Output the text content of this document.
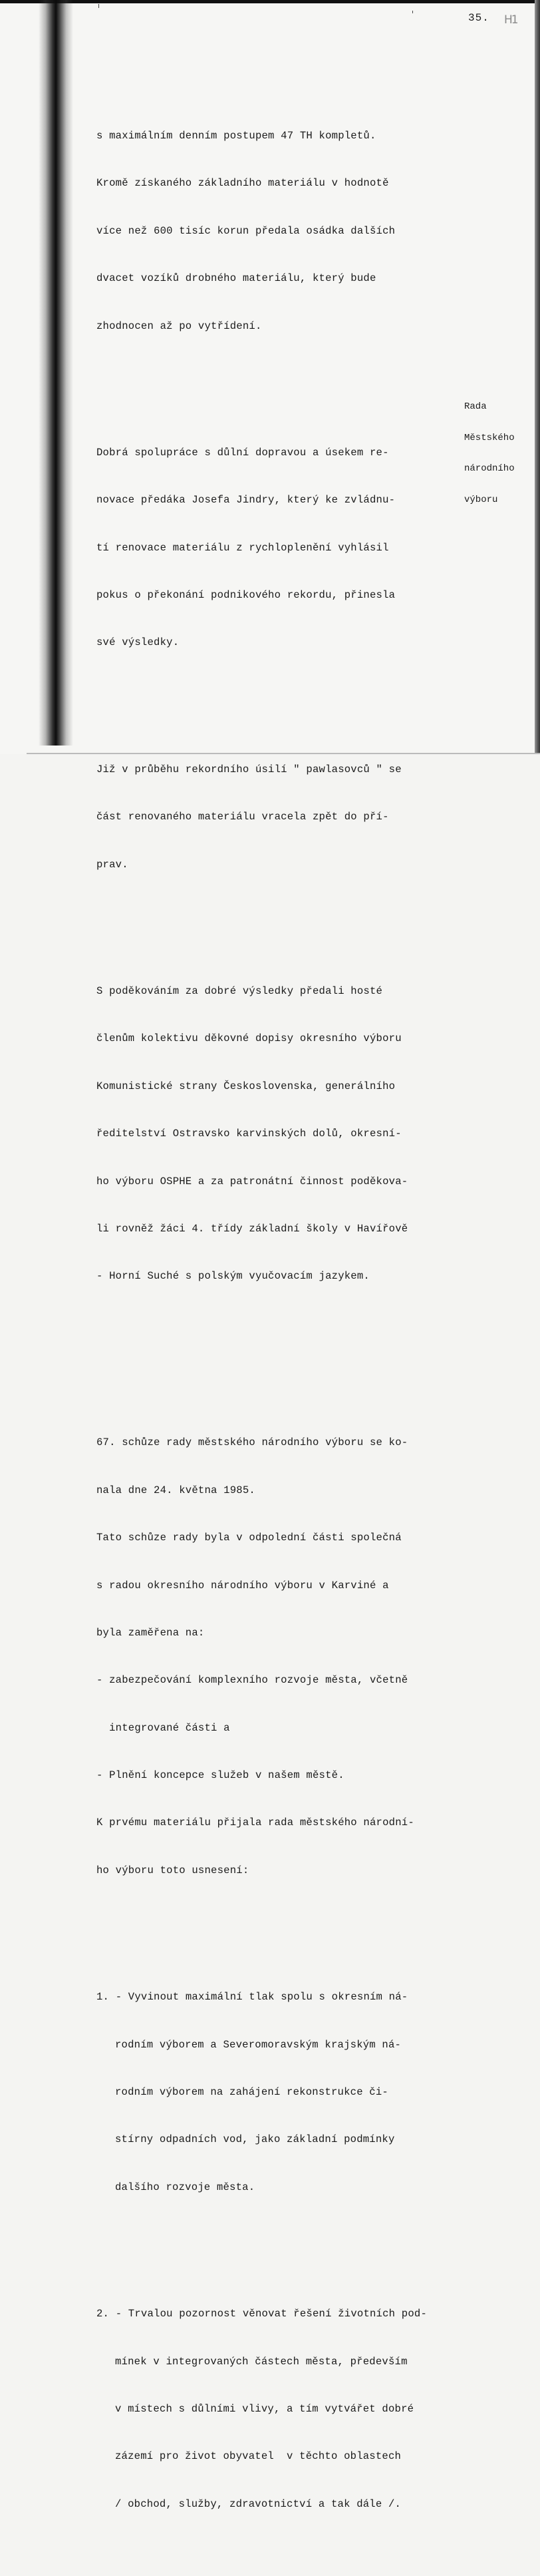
35. H1

s maximálním denním postupem 47 TH kompletů.

Kromě získaného základního materiálu v hodnotě

více než 600 tisíc korun předala osádka dalších

dvacet vozíků drobného materiálu, který bude

zhodnocen až po vytřídení.

Dobrá spolupráce s důlní dopravou a úsekem re-

novace předáka Josefa Jindry, který ke zvládnu-

tí renovace materiálu z rychloplenění vyhlásil

pokus o překonání podnikového rekordu, přinesla

své výsledky.

Již v průběhu rekordního úsilí " pawlasovců " se

část renovaného materiálu vracela zpět do pří-

prav.

S poděkováním za dobré výsledky předali hosté

členům kolektivu děkovné dopisy okresního výboru

Komunistické strany Československa, generálního

ředitelství Ostravsko karvinských dolů, okresní-

ho výboru OSPHE a za patronátní činnost poděkova-

li rovněž žáci 4. třídy základní školy v Havířově

- Horní Suché s polským vyučovacím jazykem.

67. schůze rady městského národního výboru se ko-

nala dne 24. května 1985.

Tato schůze rady byla v odpolední části společná

s radou okresního národního výboru v Karviné a

byla zaměřena na:

- zabezpečování komplexního rozvoje města, včetně

integrované části a

- Plnění koncepce služeb v našem městě.

K prvému materiálu přijala rada městského národní-

ho výboru toto usnesení:

1. - Vyvinout maximální tlak spolu s okresním ná-

rodním výborem a Severomoravským krajským ná-

rodním výborem na zahájení rekonstrukce či-

stírny odpadních vod, jako základní podmínky

dalšího rozvoje města.

2. - Trvalou pozornost věnovat řešení životních pod-

mínek v integrovaných částech města, především

v místech s důlními vlivy, a tím vytvářet dobré

zázemí pro život obyvatel  v těchto oblastech

/ obchod, služby, zdravotnictví a tak dále /.

Rada

Městského

národního

výboru
